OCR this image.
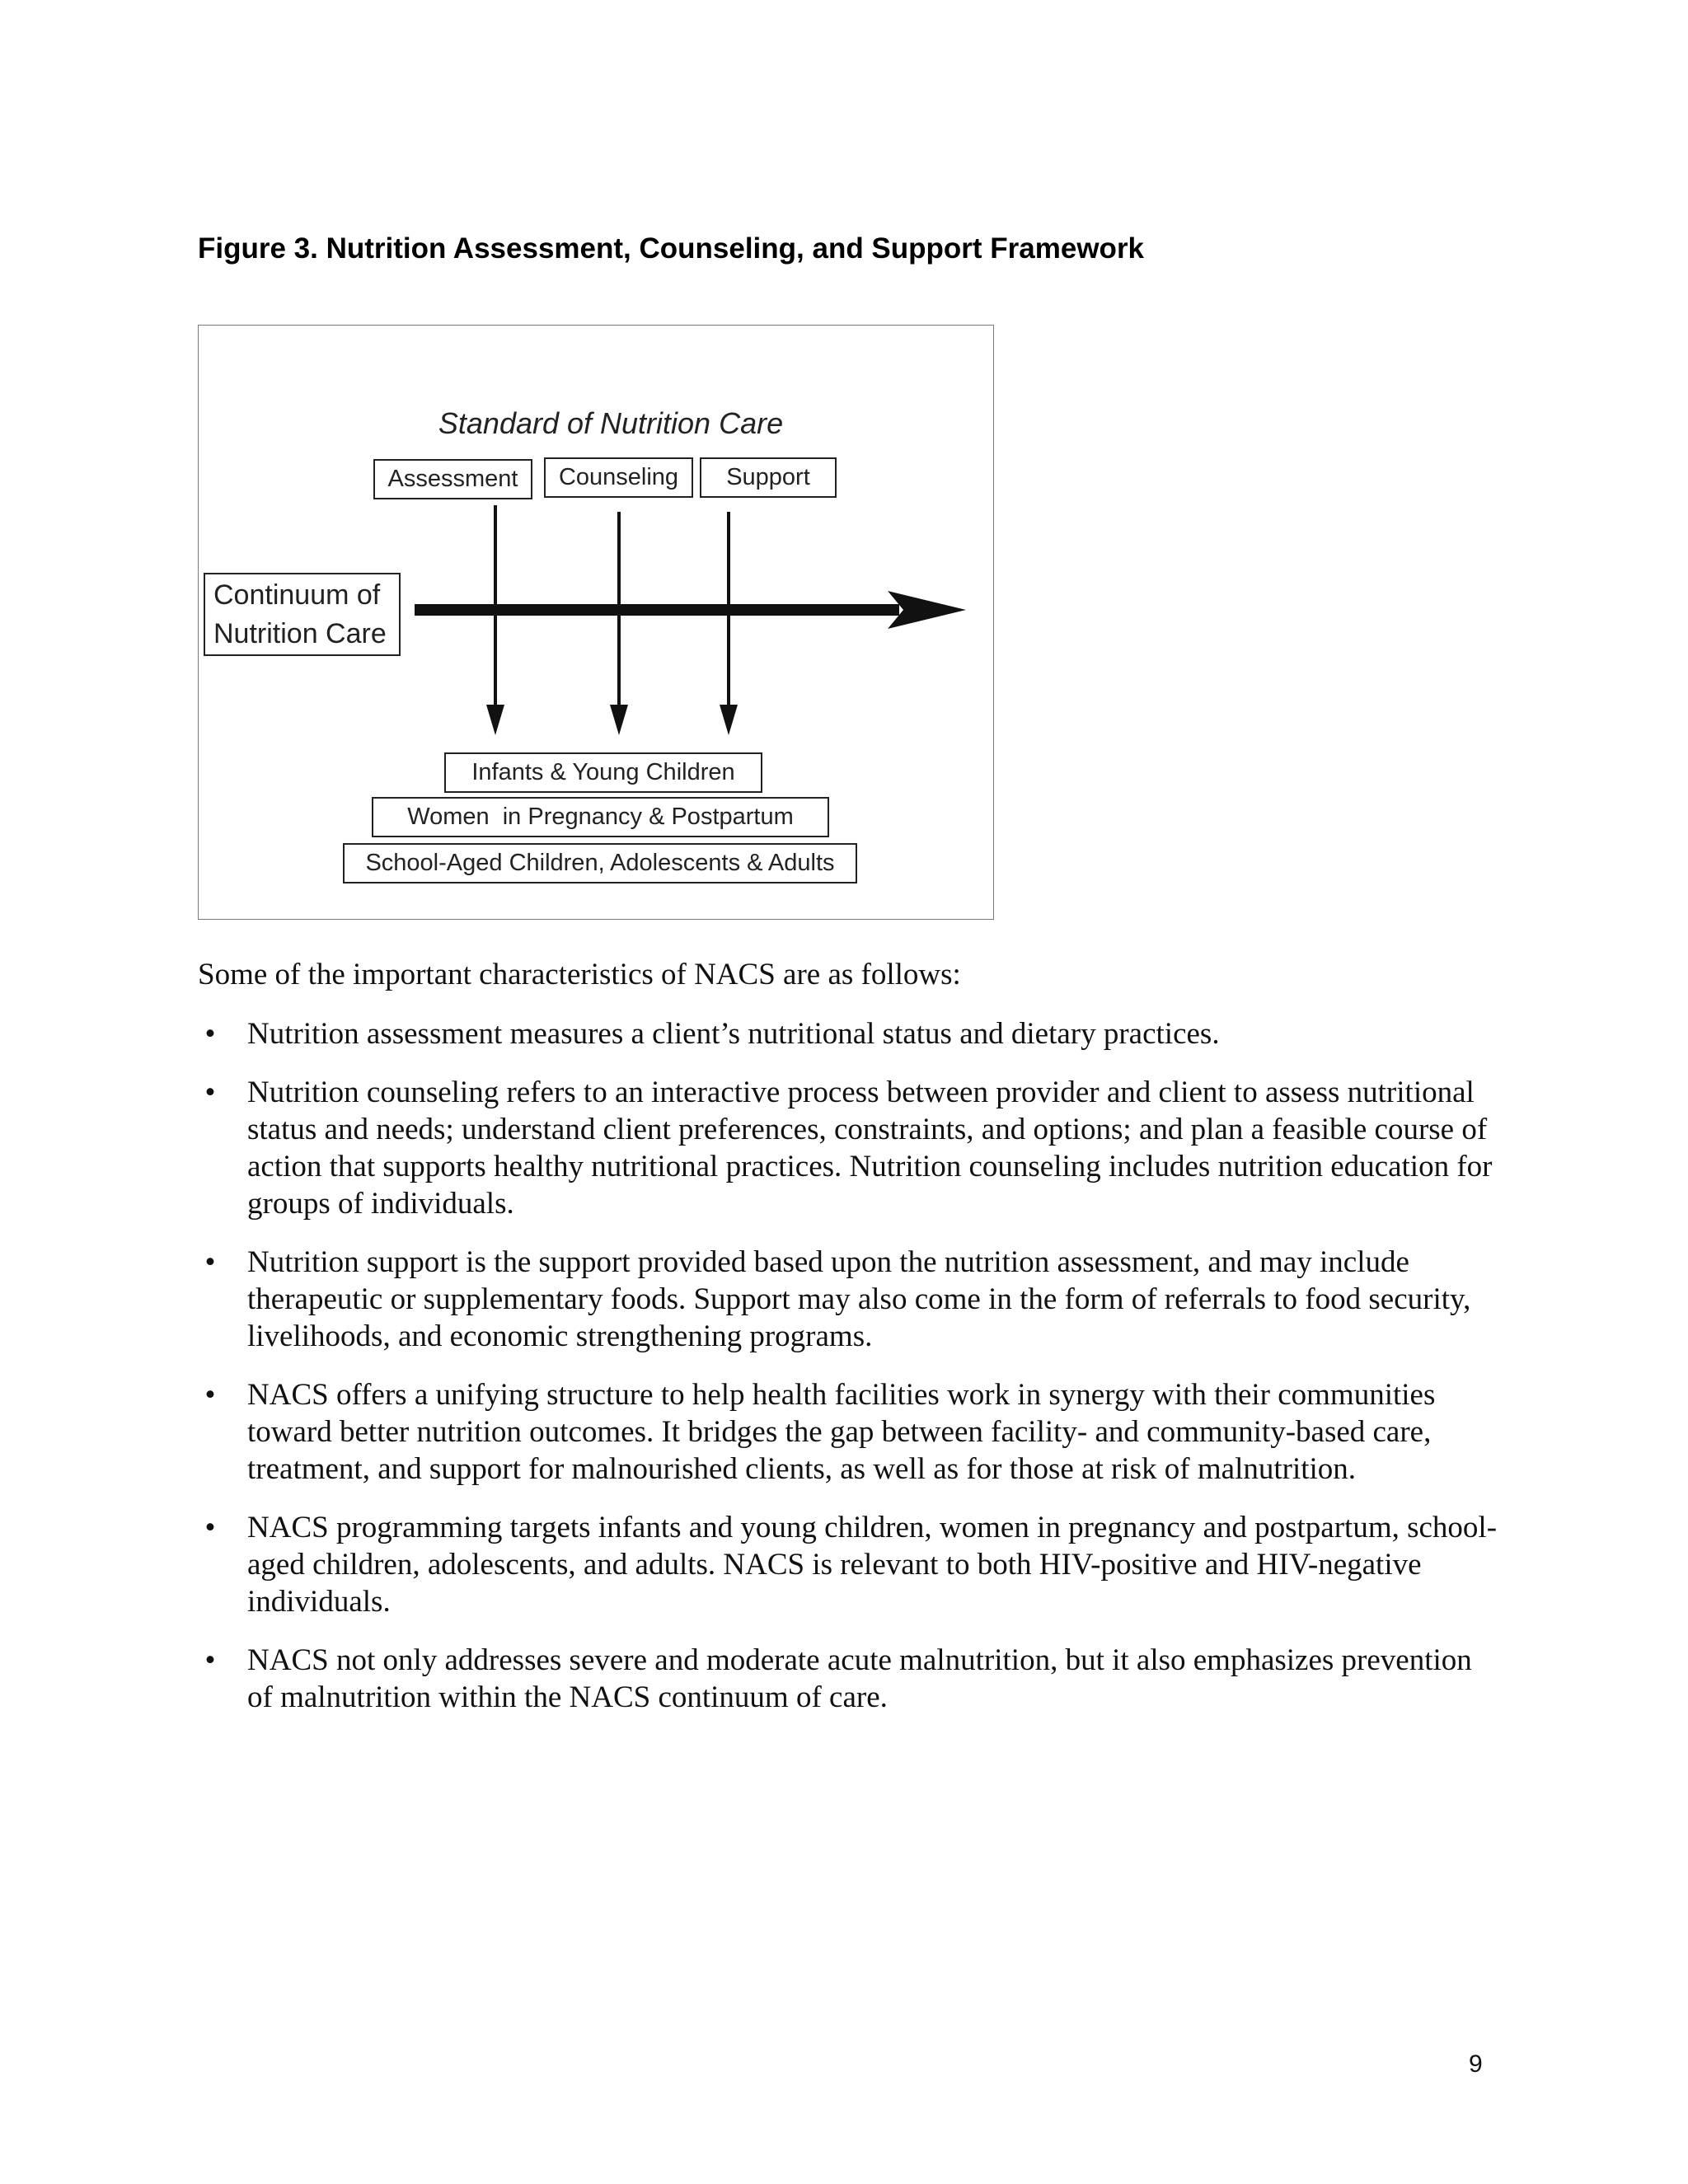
Figure 3. Nutrition Assessment, Counseling, and Support Framework
Standard of Nutrition Care
Assessment	Counseling	Support
Continuum of Nutrition Care
Infants & Young Children
Women  in Pregnancy & Postpartum
School-Aged Children, Adolescents & Adults
Some of the important characteristics of NACS are as follows:
• Nutrition assessment measures a client’s nutritional status and dietary practices.
• Nutrition counseling refers to an interactive process between provider and client to assess nutritional status and needs; understand client preferences, constraints, and options; and plan a feasible course of action that supports healthy nutritional practices. Nutrition counseling includes nutrition education for groups of individuals.
• Nutrition support is the support provided based upon the nutrition assessment, and may include therapeutic or supplementary foods. Support may also come in the form of referrals to food security, livelihoods, and economic strengthening programs.
• NACS offers a unifying structure to help health facilities work in synergy with their communities toward better nutrition outcomes. It bridges the gap between facility- and community-based care, treatment, and support for malnourished clients, as well as for those at risk of malnutrition.
• NACS programming targets infants and young children, women in pregnancy and postpartum, school-aged children, adolescents, and adults. NACS is relevant to both HIV-positive and HIV-negative individuals.
• NACS not only addresses severe and moderate acute malnutrition, but it also emphasizes prevention of malnutrition within the NACS continuum of care.
9
